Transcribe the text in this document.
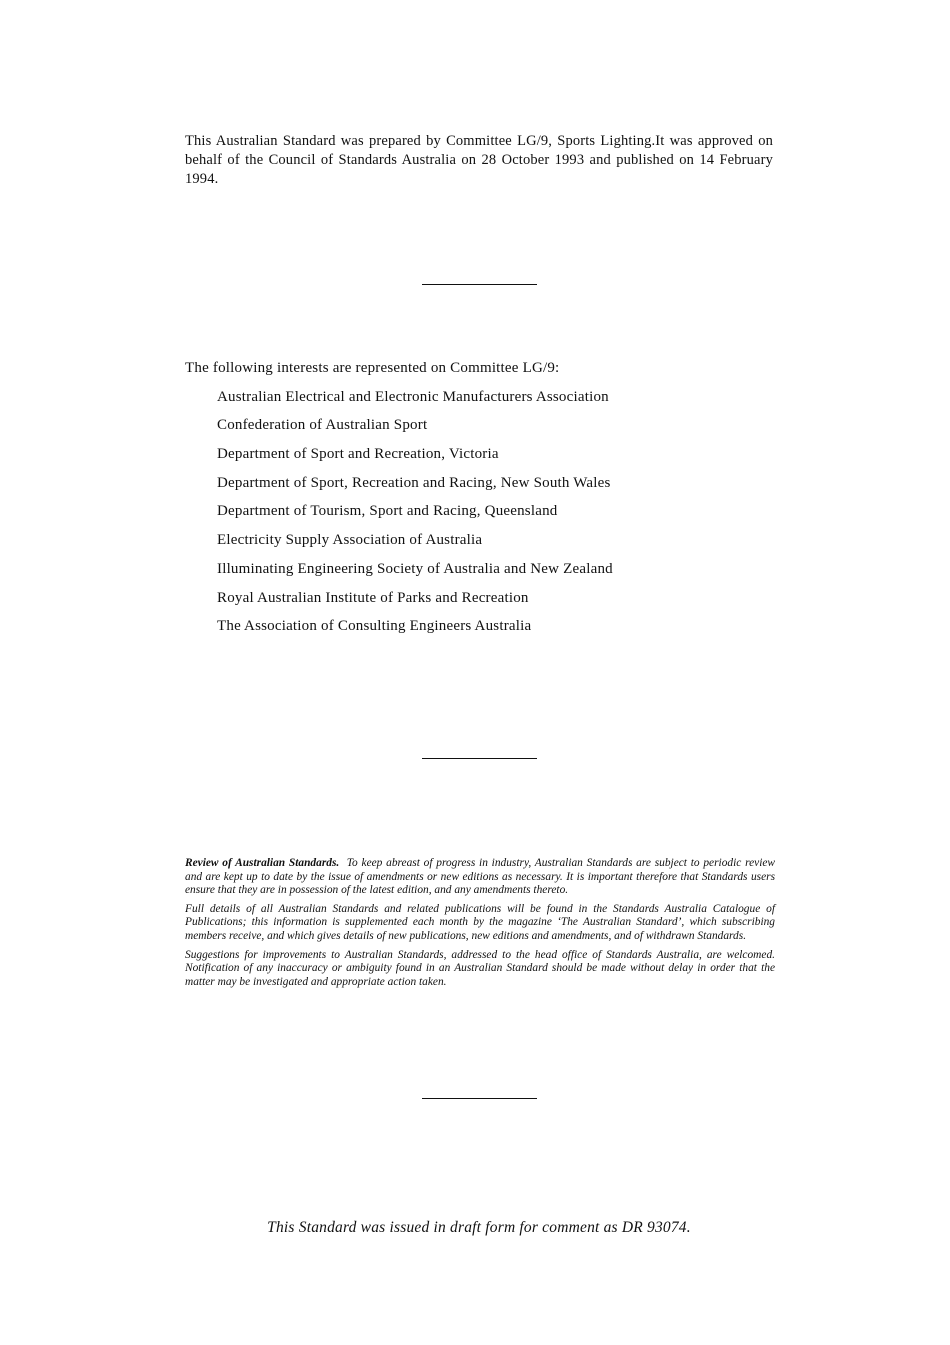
This Australian Standard was prepared by Committee LG/9, Sports Lighting.It was approved on behalf of the Council of Standards Australia on 28 October 1993 and published on 14 February 1994.

The following interests are represented on Committee LG/9:

Australian Electrical and Electronic Manufacturers Association
Confederation of Australian Sport
Department of Sport and Recreation, Victoria
Department of Sport, Recreation and Racing, New South Wales
Department of Tourism, Sport and Racing, Queensland
Electricity Supply Association of Australia
Illuminating Engineering Society of Australia and New Zealand
Royal Australian Institute of Parks and Recreation
The Association of Consulting Engineers Australia

Review of Australian Standards. To keep abreast of progress in industry, Australian Standards are subject to periodic review and are kept up to date by the issue of amendments or new editions as necessary. It is important therefore that Standards users ensure that they are in possession of the latest edition, and any amendments thereto.

Full details of all Australian Standards and related publications will be found in the Standards Australia Catalogue of Publications; this information is supplemented each month by the magazine ‘The Australian Standard’, which subscribing members receive, and which gives details of new publications, new editions and amendments, and of withdrawn Standards.

Suggestions for improvements to Australian Standards, addressed to the head office of Standards Australia, are welcomed. Notification of any inaccuracy or ambiguity found in an Australian Standard should be made without delay in order that the matter may be investigated and appropriate action taken.

This Standard was issued in draft form for comment as DR 93074.
